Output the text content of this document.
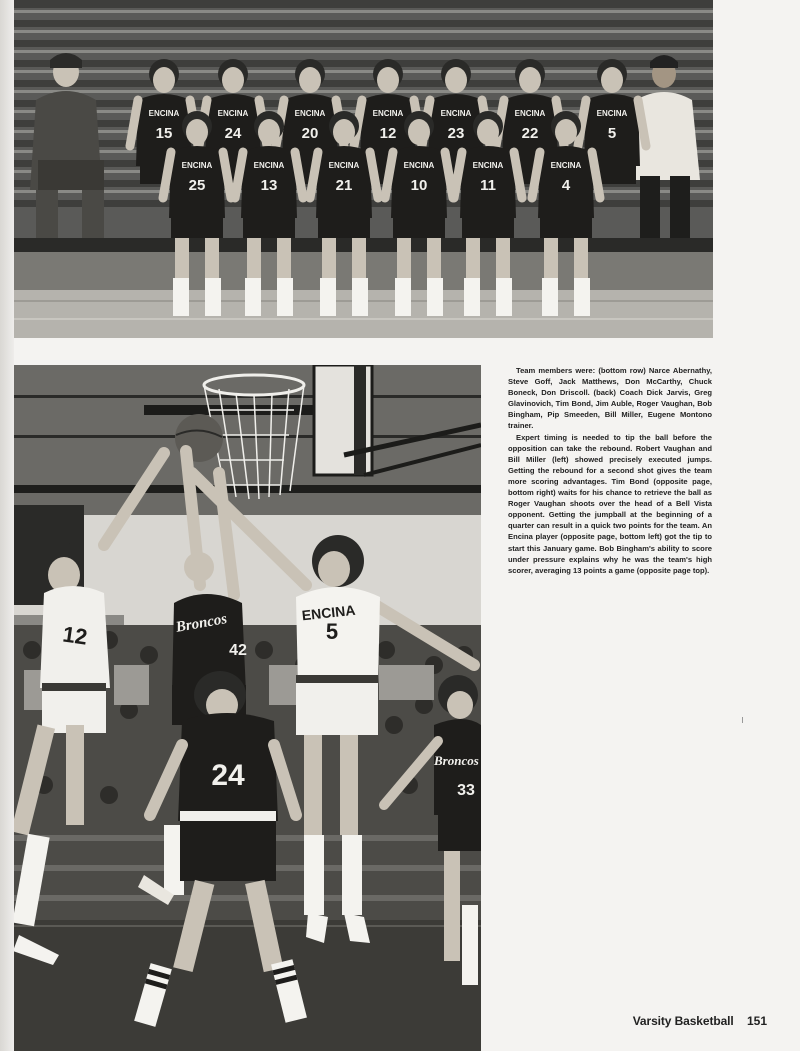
ENCINA
15
ENCINA
24
ENCINA
20
ENCINA
12
ENCINA
23
ENCINA
22
ENCINA
5
ENCINA
25
ENCINA
13
ENCINA
21
ENCINA
10
ENCINA
11
ENCINA
4
Broncos	ENCINA
Broncos
12
42
5
24	33

Team members were: (bottom row) Narce Abernathy, Steve Goff, Jack Matthews, Don McCarthy, Chuck Boneck, Don Driscoll. (back) Coach Dick Jarvis, Greg Glavinovich, Tim Bond, Jim Auble, Roger Vaughan, Bob Bingham, Pip Smeeden, Bill Miller, Eugene Montono trainer.

Expert timing is needed to tip the ball before the opposition can take the rebound. Robert Vaughan and Bill Miller (left) showed precisely executed jumps. Getting the rebound for a second shot gives the team more scoring advantages. Tim Bond (opposite page, bottom right) waits for his chance to retrieve the ball as Roger Vaughan shoots over the head of a Bell Vista opponent. Getting the jumpball at the beginning of a quarter can result in a quick two points for the team. An Encina player (opposite page, bottom left) got the tip to start this January game. Bob Bingham's ability to score under pressure explains why he was the team's high scorer, averaging 13 points a game (opposite page top).

Varsity Basketball 151
